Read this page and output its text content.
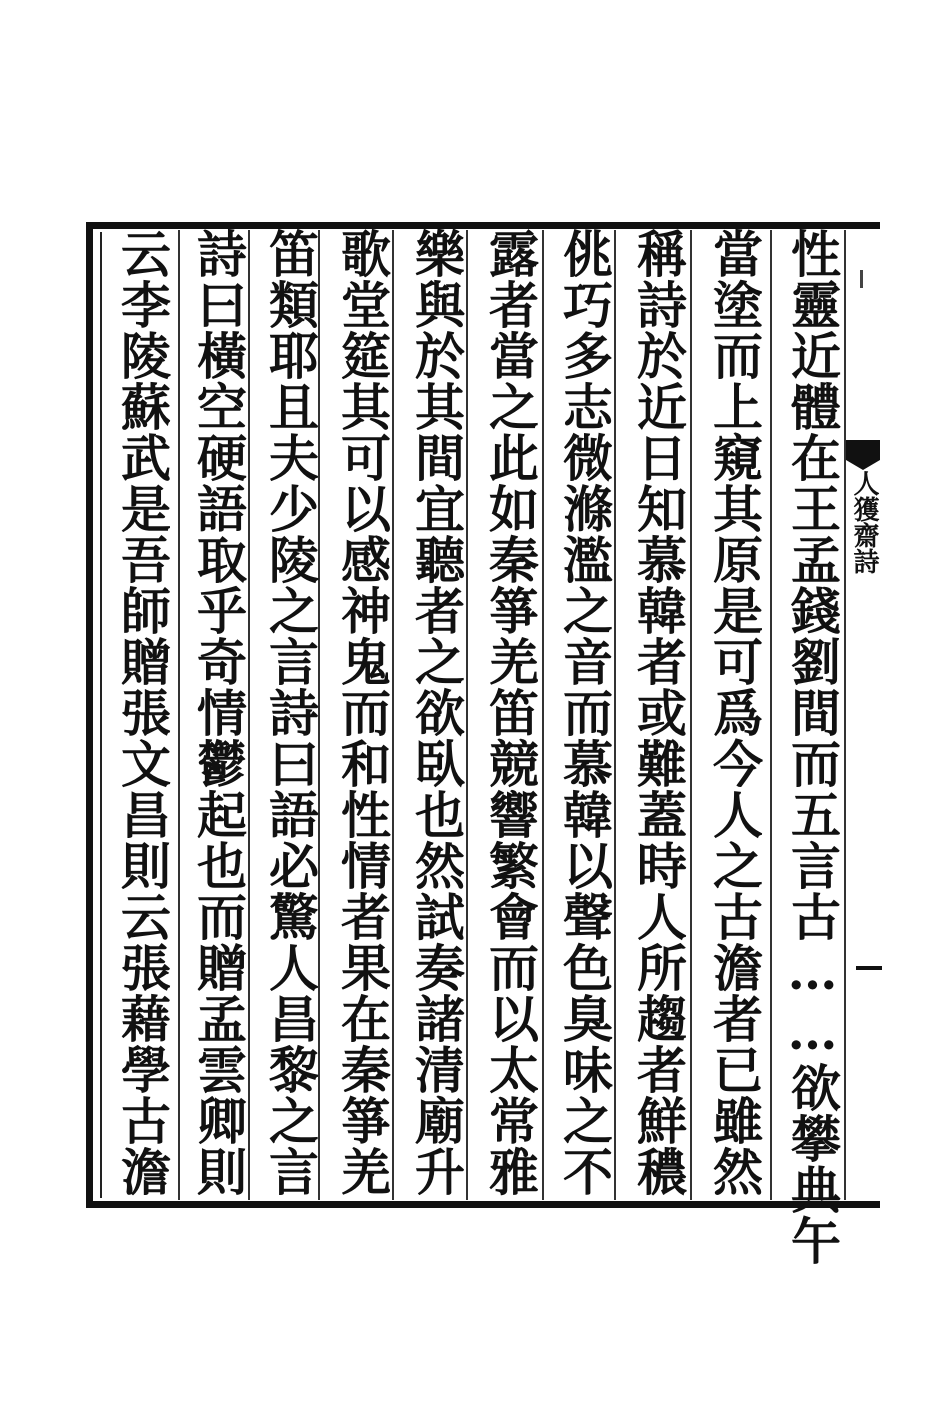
人獲齋詩
性靈近體在王孟錢劉間而五言古……欲攀典午
當塗而上窺其原是可爲今人之古澹者已雖然
稱詩於近日知慕韓者或難蓋時人所趨者鮮穠
佻巧多志微滌濫之音而慕韓以聲色臭味之不
露者當之此如秦箏羌笛競響繁會而以太常雅
樂與於其間宜聽者之欲臥也然試奏諸清廟升
歌堂筵其可以感神鬼而和性情者果在秦箏羌
笛類耶且夫少陵之言詩曰語必驚人昌黎之言
詩曰橫空硬語取乎奇情鬱起也而贈孟雲卿則
云李陵蘇武是吾師贈張文昌則云張藉學古澹
